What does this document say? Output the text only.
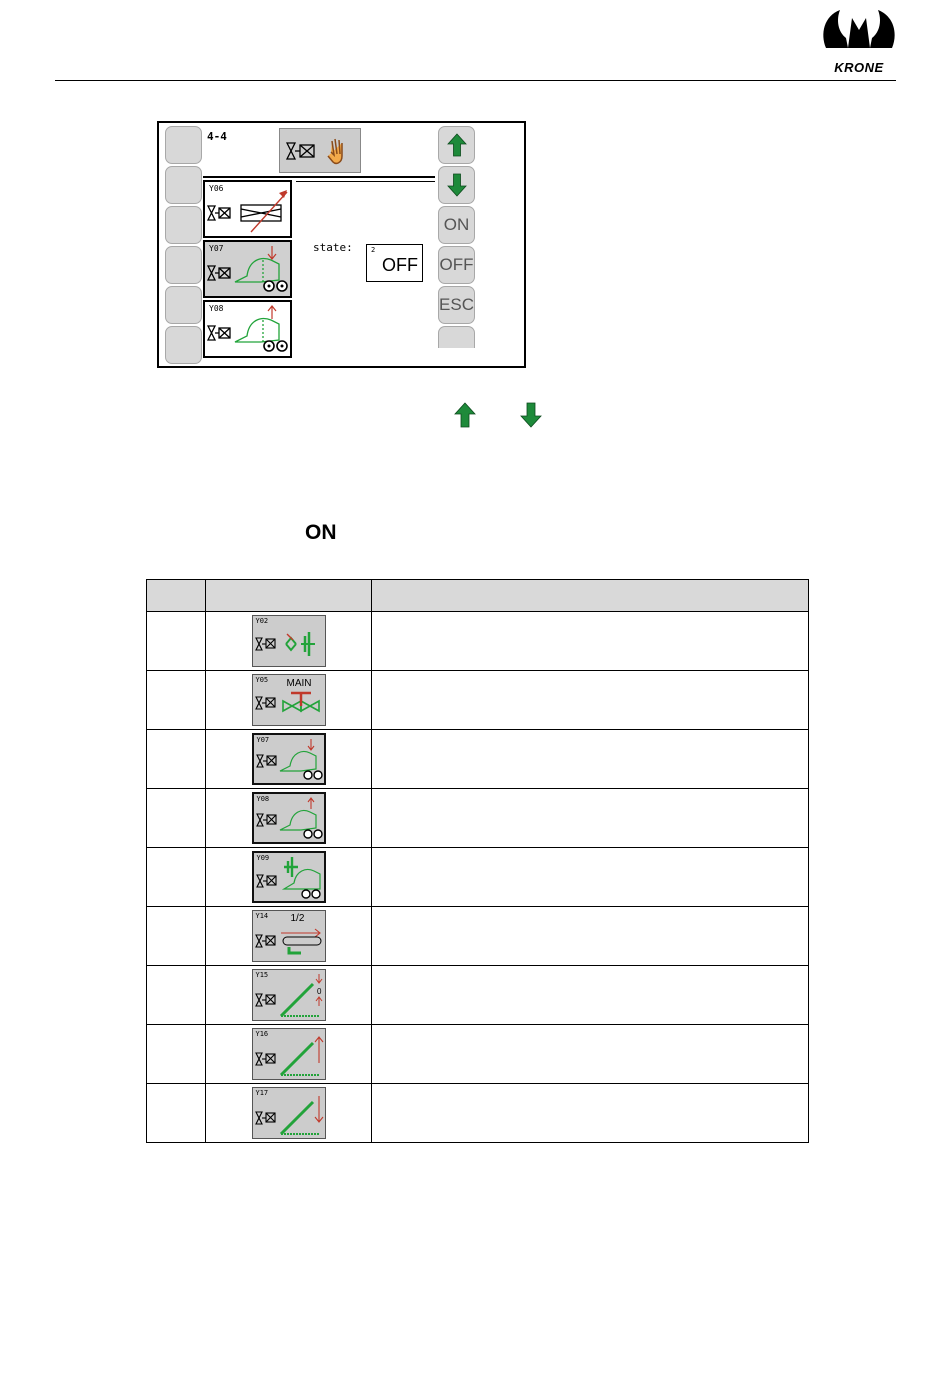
KRONE
4-4
Y06
Y07
Y08
state:	2
OFF
ON
OFF
ESC
ON

	Y02	

	Y05 MAIN	

	Y07	

	Y08	

	Y09	

	Y14 1/2	

	Y15
0	

	Y16	

	Y17	
